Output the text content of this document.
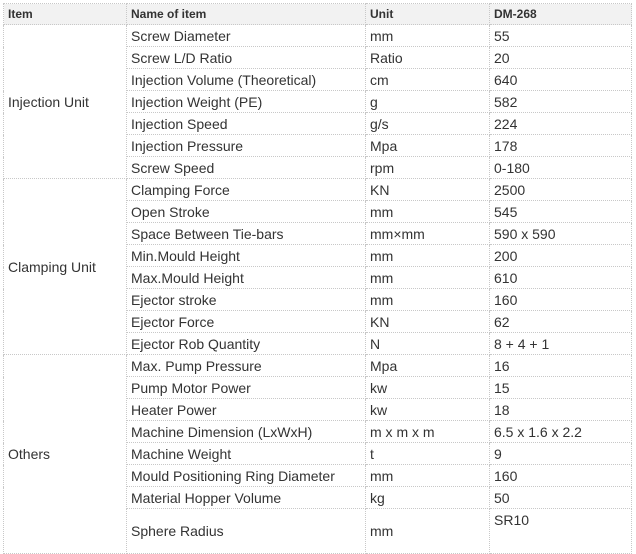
Item	Name of item	Unit	DM-268
Injection Unit	Screw Diameter	mm	55
	Screw L/D Ratio	Ratio	20
	Injection Volume (Theoretical)	cm	640
	Injection Weight (PE)	g	582
	Injection Speed	g/s	224
	Injection Pressure	Mpa	178
	Screw Speed	rpm	0-180
Clamping Unit	Clamping Force	KN	2500
	Open Stroke	mm	545
	Space Between Tie-bars	mm×mm	590 x 590
	Min.Mould Height	mm	200
	Max.Mould Height	mm	610
	Ejector stroke	mm	160
	Ejector Force	KN	62
	Ejector Rob Quantity	N	8 + 4 + 1
Others	Max. Pump Pressure	Mpa	16
	Pump Motor Power	kw	15
	Heater Power	kw	18
	Machine Dimension (LxWxH)	m x m x m	6.5 x 1.6 x 2.2
	Machine Weight	t	9
	Mould Positioning Ring Diameter	mm	160
	Material Hopper Volume	kg	50
	Sphere Radius	mm	SR10
